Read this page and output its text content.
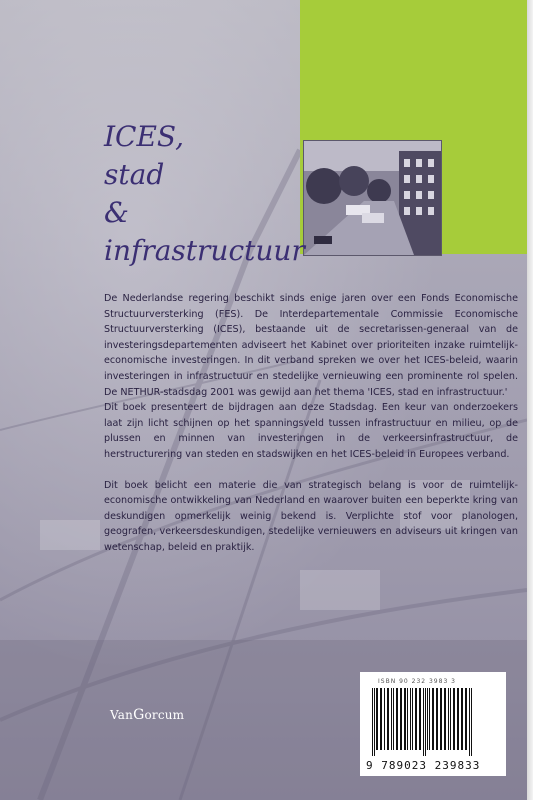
ICES,
stad
&
infrastructuur

De Nederlandse regering beschikt sinds enige jaren over een Fonds Economische Structuurversterking (FES). De Interdepartementale Commissie Economische Structuurversterking (ICES), bestaande uit de secretarissen-generaal van de investeringsdepartementen adviseert het Kabinet over prioriteiten inzake ruimtelijk-economische investeringen. In dit verband spreken we over het ICES-beleid, waarin investeringen in infrastructuur en stedelijke vernieuwing een prominente rol spelen. De NETHUR-stadsdag 2001 was gewijd aan het thema 'ICES, stad en infrastructuur.'

Dit boek presenteert de bijdragen aan deze Stadsdag. Een keur van onderzoekers laat zijn licht schijnen op het spanningsveld tussen infrastructuur en milieu, op de plussen en minnen van investeringen in de verkeersinfrastructuur, de herstructurering van steden en stadswijken en het ICES-beleid in Europees verband.

Dit boek belicht een materie die van strategisch belang is voor de ruimtelijk-economische ontwikkeling van Nederland en waarover buiten een beperkte kring van deskundigen opmerkelijk weinig bekend is. Verplichte stof voor planologen, geografen, verkeersdeskundigen, stedelijke vernieuwers en adviseurs uit kringen van wetenschap, beleid en praktijk.

VanGorcum
ISBN 90 232 3983 3
9 789023 239833
